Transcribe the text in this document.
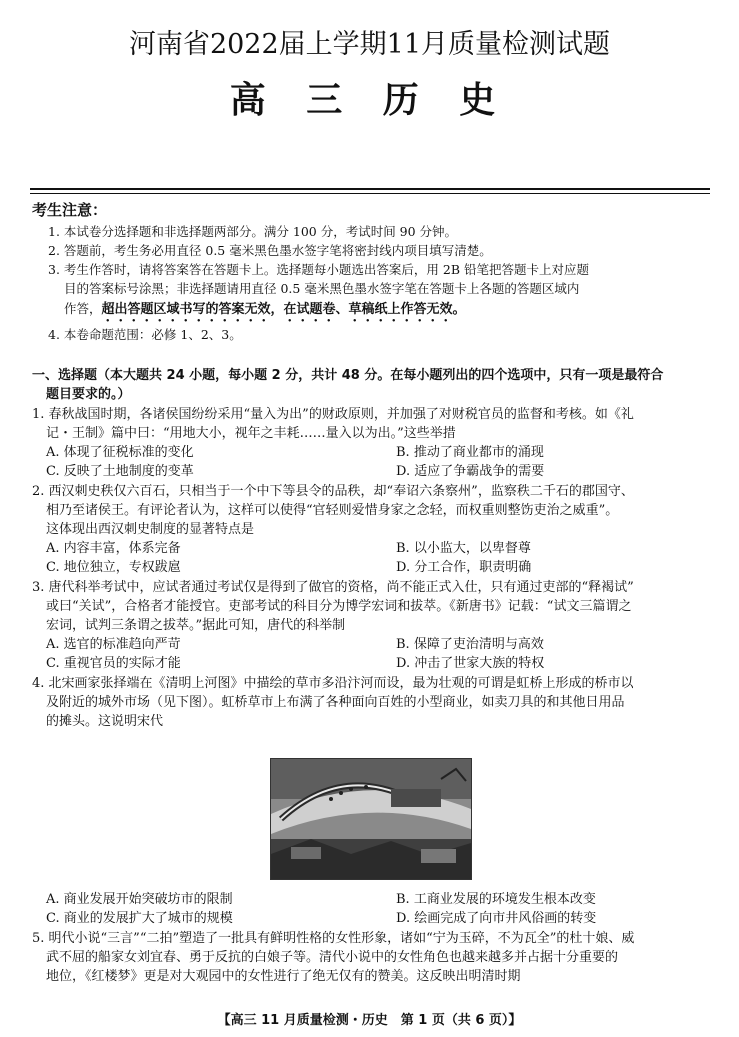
河南省2022届上学期11月质量检测试题
高 三 历 史
考生注意：
1. 本试卷分选择题和非选择题两部分。满分 100 分，考试时间 90 分钟。
2. 答题前，考生务必用直径 0.5 毫米黑色墨水签字笔将密封线内项目填写清楚。
3. 考生作答时，请将答案答在答题卡上。选择题每小题选出答案后，用 2B 铅笔把答题卡上对应题
目的答案标号涂黑；非选择题请用直径 0.5 毫米黑色墨水签字笔在答题卡上各题的答题区域内
作答，超出答题区域书写的答案无效，在试题卷、草稿纸上作答无效。
4. 本卷命题范围：必修 1、2、3。
一、选择题（本大题共 24 小题，每小题 2 分，共计 48 分。在每小题列出的四个选项中，只有一项是最符合
题目要求的。）
1. 春秋战国时期，各诸侯国纷纷采用“量入为出”的财政原则，并加强了对财税官员的监督和考核。如《礼
记・王制》篇中曰：“用地大小，视年之丰耗……量入以为出。”这些举措
A. 体现了征税标准的变化	B. 推动了商业都市的涌现
C. 反映了土地制度的变革	D. 适应了争霸战争的需要
2. 西汉刺史秩仅六百石，只相当于一个中下等县令的品秩，却“奉诏六条察州”，监察秩二千石的郡国守、
相乃至诸侯王。有评论者认为，这样可以使得“官轻则爱惜身家之念轻，而权重则整饬吏治之威重”。
这体现出西汉刺史制度的显著特点是
A. 内容丰富，体系完备	B. 以小监大，以卑督尊
C. 地位独立，专权跋扈	D. 分工合作，职责明确
3. 唐代科举考试中，应试者通过考试仅是得到了做官的资格，尚不能正式入仕，只有通过吏部的“释褐试”
或曰“关试”，合格者才能授官。吏部考试的科目分为博学宏词和拔萃。《新唐书》记载：“试文三篇谓之
宏词，试判三条谓之拔萃。”据此可知，唐代的科举制
A. 选官的标准趋向严苛	B. 保障了吏治清明与高效
C. 重视官员的实际才能	D. 冲击了世家大族的特权
4. 北宋画家张择端在《清明上河图》中描绘的草市多沿汴河而设，最为壮观的可谓是虹桥上形成的桥市以
及附近的城外市场（见下图）。虹桥草市上布满了各种面向百姓的小型商业，如卖刀具的和其他日用品
的摊头。这说明宋代
A. 商业发展开始突破坊市的限制	B. 工商业发展的环境发生根本改变
C. 商业的发展扩大了城市的规模	D. 绘画完成了向市井风俗画的转变
5. 明代小说“三言”“二拍”塑造了一批具有鲜明性格的女性形象，诸如“宁为玉碎，不为瓦全”的杜十娘、威
武不屈的船家女刘宜春、勇于反抗的白娘子等。清代小说中的女性角色也越来越多并占据十分重要的
地位，《红楼梦》更是对大观园中的女性进行了绝无仅有的赞美。这反映出明清时期
【高三 11 月质量检测・历史　第 1 页（共 6 页）】
